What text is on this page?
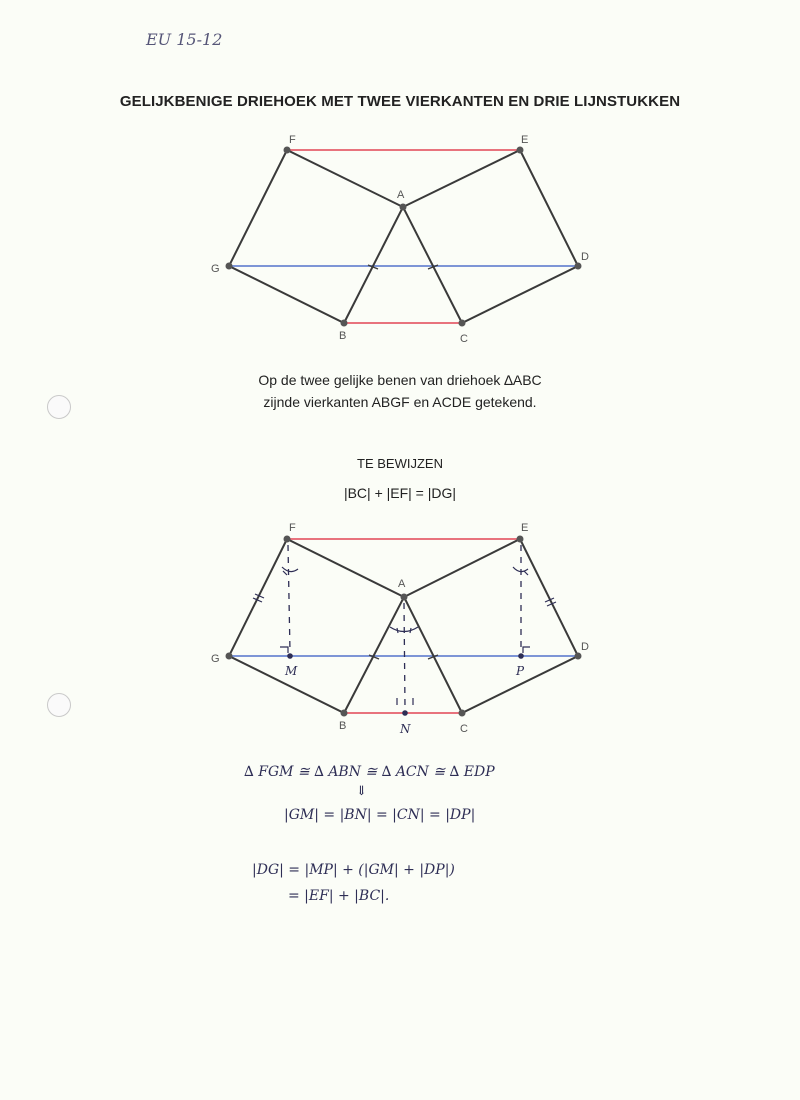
EU 15-12
GELIJKBENIGE DRIEHOEK MET TWEE VIERKANTEN EN DRIE LIJNSTUKKEN
F	E
A
G
D
B	C
Op de twee gelijke benen van driehoek ∆ABC
zijnde vierkanten ABGF en ACDE getekend.
TE BEWIJZEN
|BC| + |EF| = |DG|
F	E
A
G
D
B	C
M
N
P
∆ FGM ≅ ∆ ABN ≅ ∆ ACN ≅ ∆ EDP
⇓
|GM| = |BN| = |CN| = |DP|
|DG| = |MP| + (|GM| + |DP|)
= |EF| + |BC|.
